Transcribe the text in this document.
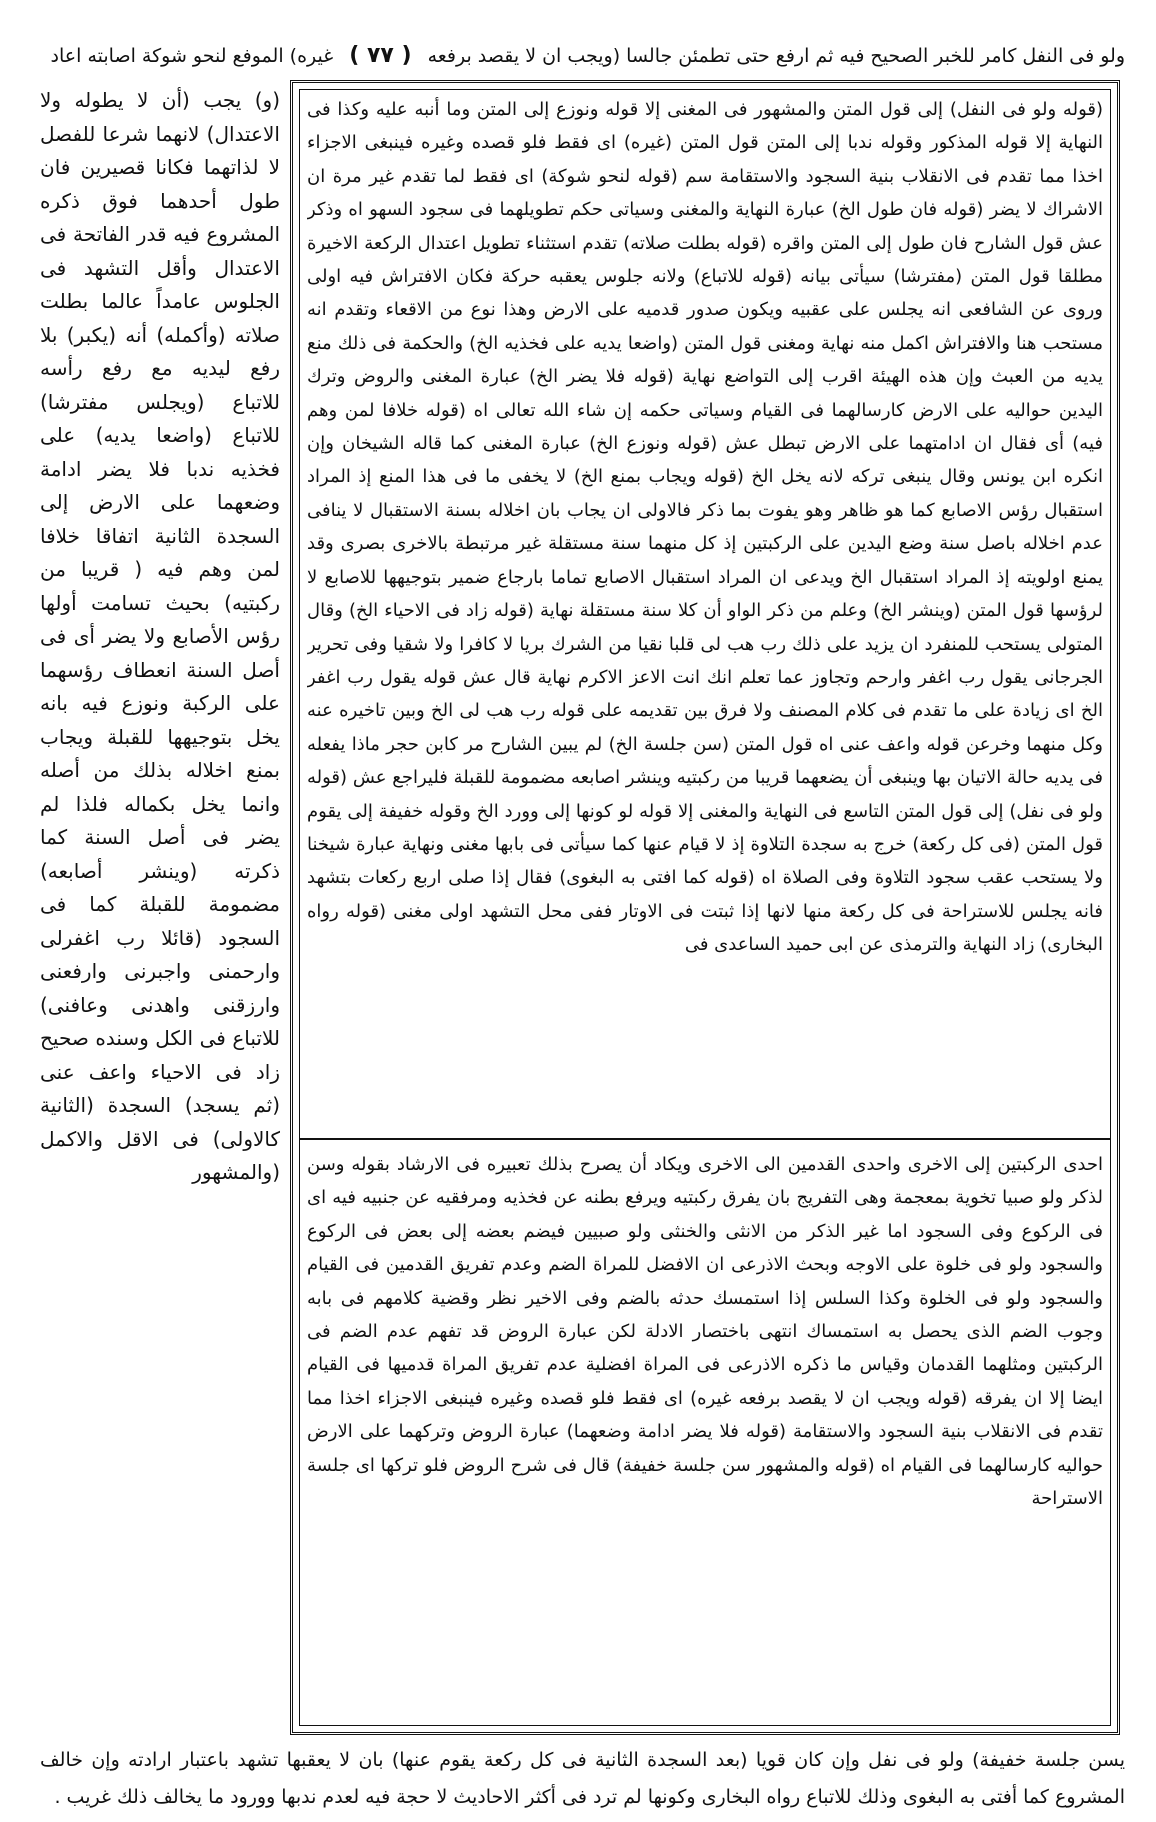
ولو فى النفل كامر للخبر الصحيح فيه ثم ارفع حتى تطمئن جالسا (ويجب ان لا يقصد برفعه ( ٧٧ ) غيره) الموفع لنحو شوكة اصابته اعاد
(و) يجب (أن لا يطوله ولا الاعتدال) لانهما شرعا للفصل لا لذاتهما فكانا قصيرين فان طول أحدهما فوق ذكره المشروع فيه قدر الفاتحة فى الاعتدال وأقل التشهد فى الجلوس عامداً عالما بطلت صلاته (وأكمله) أنه (يكبر) بلا رفع ليديه مع رفع رأسه للاتباع (ويجلس مفترشا) للاتباع (واضعا يديه) على فخذيه ندبا فلا يضر ادامة وضعهما على الارض إلى السجدة الثانية اتفاقا خلافا لمن وهم فيه ( قريبا من ركبتيه) بحيث تسامت أولها رؤس الأصابع ولا يضر أى فى أصل السنة انعطاف رؤسهما على الركبة ونوزع فيه بانه يخل بتوجيهها للقبلة ويجاب بمنع اخلاله بذلك من أصله وانما يخل بكماله فلذا لم يضر فى أصل السنة كما ذكرته (وينشر أصابعه) مضمومة للقبلة كما فى السجود (قائلا رب اغفرلى وارحمنى واجبرنى وارفعنى وارزقنى واهدنى وعافنى) للاتباع فى الكل وسنده صحيح زاد فى الاحياء واعف عنى (ثم يسجد) السجدة (الثانية كالاولى) فى الاقل والاكمل (والمشهور
(قوله ولو فى النفل) إلى قول المتن والمشهور فى المغنى إلا قوله ونوزع إلى المتن وما أنبه عليه وكذا فى النهاية إلا قوله المذكور وقوله ندبا إلى المتن قول المتن (غيره) اى فقط فلو قصده وغيره فينبغى الاجزاء اخذا مما تقدم فى الانقلاب بنية السجود والاستقامة سم (قوله لنحو شوكة) اى فقط لما تقدم غير مرة ان الاشراك لا يضر (قوله فان طول الخ) عبارة النهاية والمغنى وسياتى حكم تطويلهما فى سجود السهو اه وذكر عش قول الشارح فان طول إلى المتن واقره (قوله بطلت صلاته) تقدم استثناء تطويل اعتدال الركعة الاخيرة مطلقا قول المتن (مفترشا) سيأتى بيانه (قوله للاتباع) ولانه جلوس يعقبه حركة فكان الافتراش فيه اولى وروى عن الشافعى انه يجلس على عقبيه ويكون صدور قدميه على الارض وهذا نوع من الاقعاء وتقدم انه مستحب هنا والافتراش اكمل منه نهاية ومغنى قول المتن (واضعا يديه على فخذيه الخ) والحكمة فى ذلك منع يديه من العبث وإن هذه الهيئة اقرب إلى التواضع نهاية (قوله فلا يضر الخ) عبارة المغنى والروض وترك اليدين حواليه على الارض كارسالهما فى القيام وسياتى حكمه إن شاء الله تعالى اه (قوله خلافا لمن وهم فيه) أى فقال ان ادامتهما على الارض تبطل عش (قوله ونوزع الخ) عبارة المغنى كما قاله الشيخان وإن انكره ابن يونس وقال ينبغى تركه لانه يخل الخ (قوله ويجاب بمنع الخ) لا يخفى ما فى هذا المنع إذ المراد استقبال رؤس الاصابع كما هو ظاهر وهو يفوت بما ذكر فالاولى ان يجاب بان اخلاله بسنة الاستقبال لا ينافى عدم اخلاله باصل سنة وضع اليدين على الركبتين إذ كل منهما سنة مستقلة غير مرتبطة بالاخرى بصرى وقد يمنع اولويته إذ المراد استقبال الخ ويدعى ان المراد استقبال الاصابع تماما بارجاع ضمير بتوجيهها للاصابع لا لرؤسها قول المتن (وينشر الخ) وعلم من ذكر الواو أن كلا سنة مستقلة نهاية (قوله زاد فى الاحياء الخ) وقال المتولى يستحب للمنفرد ان يزيد على ذلك رب هب لى قلبا نقيا من الشرك بريا لا كافرا ولا شقيا وفى تحرير الجرجانى يقول رب اغفر وارحم وتجاوز عما تعلم انك انت الاعز الاكرم نهاية قال عش قوله يقول رب اغفر الخ اى زيادة على ما تقدم فى كلام المصنف ولا فرق بين تقديمه على قوله رب هب لى الخ وبين تاخيره عنه وكل منهما وخرعن قوله واعف عنى اه قول المتن (سن جلسة الخ) لم يبين الشارح مر كابن حجر ماذا يفعله فى يديه حالة الاتيان بها وينبغى أن يضعهما قريبا من ركبتيه وينشر اصابعه مضمومة للقبلة فليراجع عش (قوله ولو فى نفل) إلى قول المتن التاسع فى النهاية والمغنى إلا قوله لو كونها إلى وورد الخ وقوله خفيفة إلى يقوم قول المتن (فى كل ركعة) خرج به سجدة التلاوة إذ لا قيام عنها كما سيأتى فى بابها مغنى ونهاية عبارة شيخنا ولا يستحب عقب سجود التلاوة وفى الصلاة اه (قوله كما افتى به البغوى) فقال إذا صلى اربع ركعات بتشهد فانه يجلس للاستراحة فى كل ركعة منها لانها إذا ثبتت فى الاوتار ففى محل التشهد اولى مغنى (قوله رواه البخارى) زاد النهاية والترمذى عن ابى حميد الساعدى فى
احدى الركبتين إلى الاخرى واحدى القدمين الى الاخرى ويكاد أن يصرح بذلك تعبيره فى الارشاد بقوله وسن لذكر ولو صبيا تخوية بمعجمة وهى التفريج بان يفرق ركبتيه ويرفع بطنه عن فخذيه ومرفقيه عن جنبيه فيه اى فى الركوع وفى السجود اما غير الذكر من الانثى والخنثى ولو صبيين فيضم بعضه إلى بعض فى الركوع والسجود ولو فى خلوة على الاوجه وبحث الاذرعى ان الافضل للمراة الضم وعدم تفريق القدمين فى القيام والسجود ولو فى الخلوة وكذا السلس إذا استمسك حدثه بالضم وفى الاخير نظر وقضية كلامهم فى بابه وجوب الضم الذى يحصل به استمساك انتهى باختصار الادلة لكن عبارة الروض قد تفهم عدم الضم فى الركبتين ومثلهما القدمان وقياس ما ذكره الاذرعى فى المراة افضلية عدم تفريق المراة قدميها فى القيام ايضا إلا ان يفرقه (قوله ويجب ان لا يقصد برفعه غيره) اى فقط فلو قصده وغيره فينبغى الاجزاء اخذا مما تقدم فى الانقلاب بنية السجود والاستقامة (قوله فلا يضر ادامة وضعهما) عبارة الروض وتركهما على الارض حواليه كارسالهما فى القيام اه (قوله والمشهور سن جلسة خفيفة) قال فى شرح الروض فلو تركها اى جلسة الاستراحة
يسن جلسة خفيفة) ولو فى نفل وإن كان قويا (بعد السجدة الثانية فى كل ركعة يقوم عنها) بان لا يعقبها تشهد باعتبار ارادته وإن خالف المشروع كما أفتى به البغوى وذلك للاتباع رواه البخارى وكونها لم ترد فى أكثر الاحاديث لا حجة فيه لعدم ندبها وورود ما يخالف ذلك غريب .
